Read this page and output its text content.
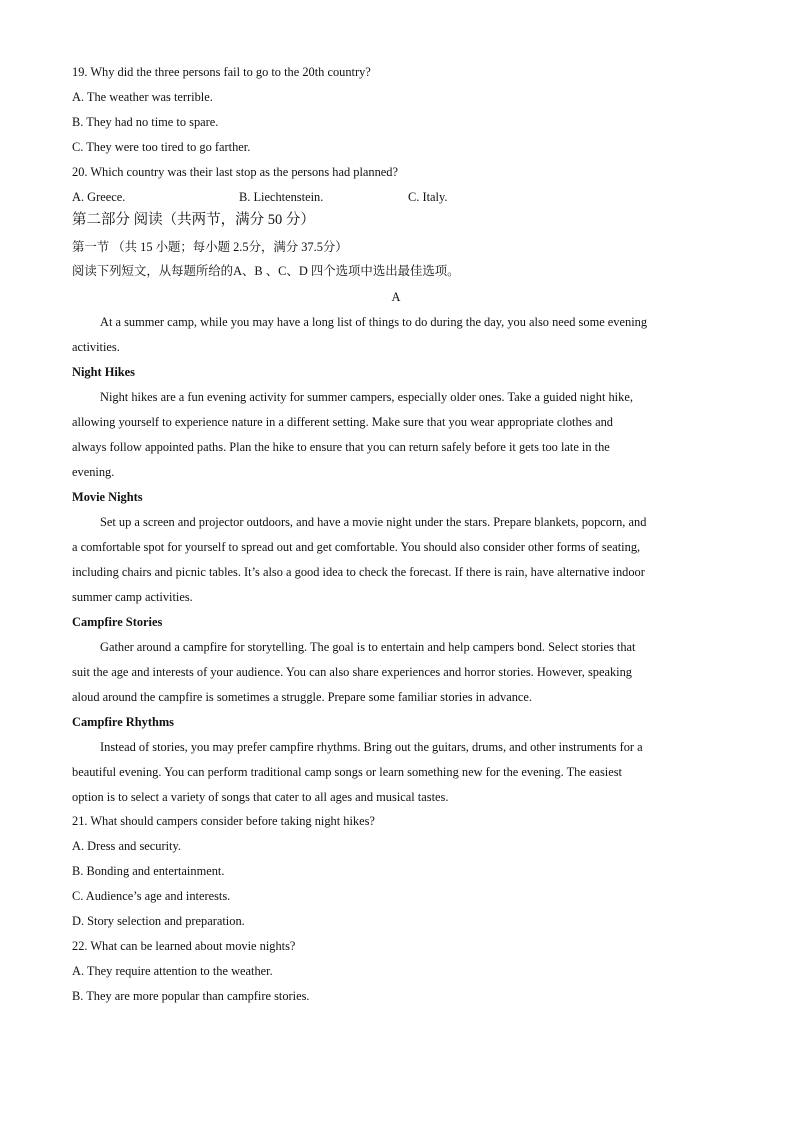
19. Why did the three persons fail to go to the 20th country?
A. The weather was terrible.
B. They had no time to spare.
C. They were too tired to go farther.
20. Which country was their last stop as the persons had planned?
A. Greece.	B. Liechtenstein.	C. Italy.
第二部分 阅读（共两节，满分 50 分）
第一节 （共 15 小题；每小题 2.5分，满分 37.5分）
阅读下列短文，从每题所给的A、B 、C、D 四个选项中选出最佳选项。
A
At a summer camp, while you may have a long list of things to do during the day, you also need some evening
activities.
Night Hikes
Night hikes are a fun evening activity for summer campers, especially older ones. Take a guided night hike,
allowing yourself to experience nature in a different setting. Make sure that you wear appropriate clothes and
always follow appointed paths. Plan the hike to ensure that you can return safely before it gets too late in the
evening.
Movie Nights
Set up a screen and projector outdoors, and have a movie night under the stars. Prepare blankets, popcorn, and
a comfortable spot for yourself to spread out and get comfortable. You should also consider other forms of seating,
including chairs and picnic tables. It’s also a good idea to check the forecast. If there is rain, have alternative indoor
summer camp activities.
Campfire Stories
Gather around a campfire for storytelling. The goal is to entertain and help campers bond. Select stories that
suit the age and interests of your audience. You can also share experiences and horror stories. However, speaking
aloud around the campfire is sometimes a struggle. Prepare some familiar stories in advance.
Campfire Rhythms
Instead of stories, you may prefer campfire rhythms. Bring out the guitars, drums, and other instruments for a
beautiful evening. You can perform traditional camp songs or learn something new for the evening. The easiest
option is to select a variety of songs that cater to all ages and musical tastes.
21. What should campers consider before taking night hikes?
A. Dress and security.
B. Bonding and entertainment.
C. Audience’s age and interests.
D. Story selection and preparation.
22. What can be learned about movie nights?
A. They require attention to the weather.
B. They are more popular than campfire stories.
